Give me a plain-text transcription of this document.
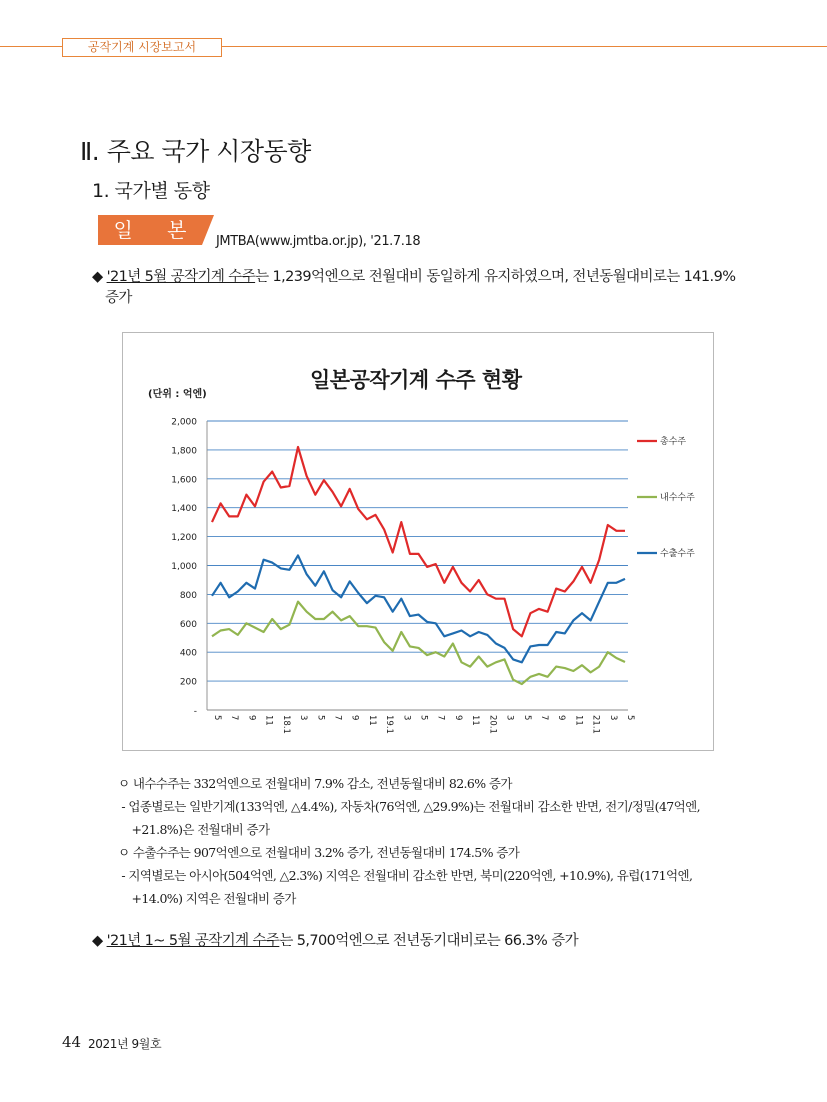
공작기계 시장보고서
Ⅱ. 주요 국가 시장동향
1. 국가별 동향
일 본 JMTBA(www.jmtba.or.jp), '21.7.18
◆ '21년 5월 공작기계 수주는 1,239억엔으로 전월대비 동일하게 유지하였으며, 전년동월대비로는 141.9%
증가
일본공작기계 수주 현황
(단위 : 억엔)
2,000
1,800
1,600
1,400
1,200
1,000
800
600
400
200
-
5 7 9 11 18.1 3 5 7 9 11 19.1 3 5 7 9 11 20.1 3 5 7 9 11 21.1 3 5
총수주
내수수주
수출수주
ㅇ 내수수주는 332억엔으로 전월대비 7.9% 감소, 전년동월대비 82.6% 증가
- 업종별로는 일반기계(133억엔, △4.4%), 자동차(76억엔, △29.9%)는 전월대비 감소한 반면, 전기/정밀(47억엔,
+21.8%)은 전월대비 증가
ㅇ 수출수주는 907억엔으로 전월대비 3.2% 증가, 전년동월대비 174.5% 증가
- 지역별로는 아시아(504억엔, △2.3%) 지역은 전월대비 감소한 반면, 북미(220억엔, +10.9%), 유럽(171억엔,
+14.0%) 지역은 전월대비 증가
◆ '21년 1~ 5월 공작기계 수주는 5,700억엔으로 전년동기대비로는 66.3% 증가
44 2021년 9월호
